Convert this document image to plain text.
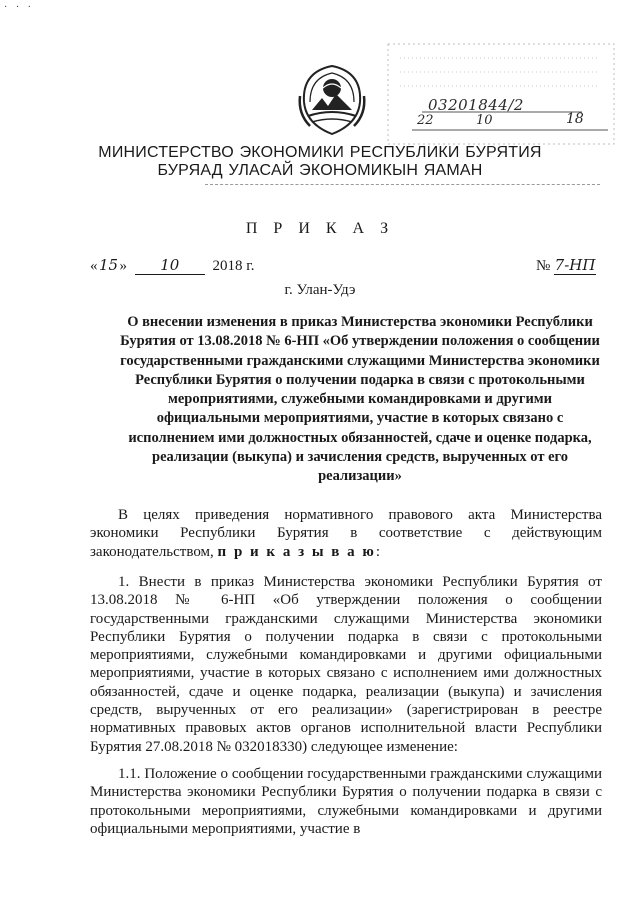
· · ·
03201844/2
22	10	18
МИНИСТЕРСТВО ЭКОНОМИКИ РЕСПУБЛИКИ БУРЯТИЯ
БУРЯАД УЛАСАЙ ЭКОНОМИКЫН ЯАМАН
П Р И К А З
«15» 10 2018 г.	№ 7-НП
г. Улан-Удэ
О внесении изменения в приказ Министерства экономики Республики Бурятия от 13.08.2018 № 6-НП «Об утверждении положения о сообщении государственными гражданскими служащими Министерства экономики Республики Бурятия о получении подарка в связи с протокольными мероприятиями, служебными командировками и другими официальными мероприятиями, участие в которых связано с исполнением ими должностных обязанностей, сдаче и оценке подарка, реализации (выкупа) и зачисления средств, вырученных от его реализации»
В целях приведения нормативного правового акта Министерства экономики Республики Бурятия в соответствие с действующим законодательством, п р и к а з ы в а ю:
1. Внести в приказ Министерства экономики Республики Бурятия от 13.08.2018 № 6-НП «Об утверждении положения о сообщении государственными гражданскими служащими Министерства экономики Республики Бурятия о получении подарка в связи с протокольными мероприятиями, служебными командировками и другими официальными мероприятиями, участие в которых связано с исполнением ими должностных обязанностей, сдаче и оценке подарка, реализации (выкупа) и зачисления средств, вырученных от его реализации» (зарегистрирован в реестре нормативных правовых актов органов исполнительной власти Республики Бурятия 27.08.2018 № 032018330) следующее изменение:
1.1. Положение о сообщении государственными гражданскими служащими Министерства экономики Республики Бурятия о получении подарка в связи с протокольными мероприятиями, служебными командировками и другими официальными мероприятиями, участие в
